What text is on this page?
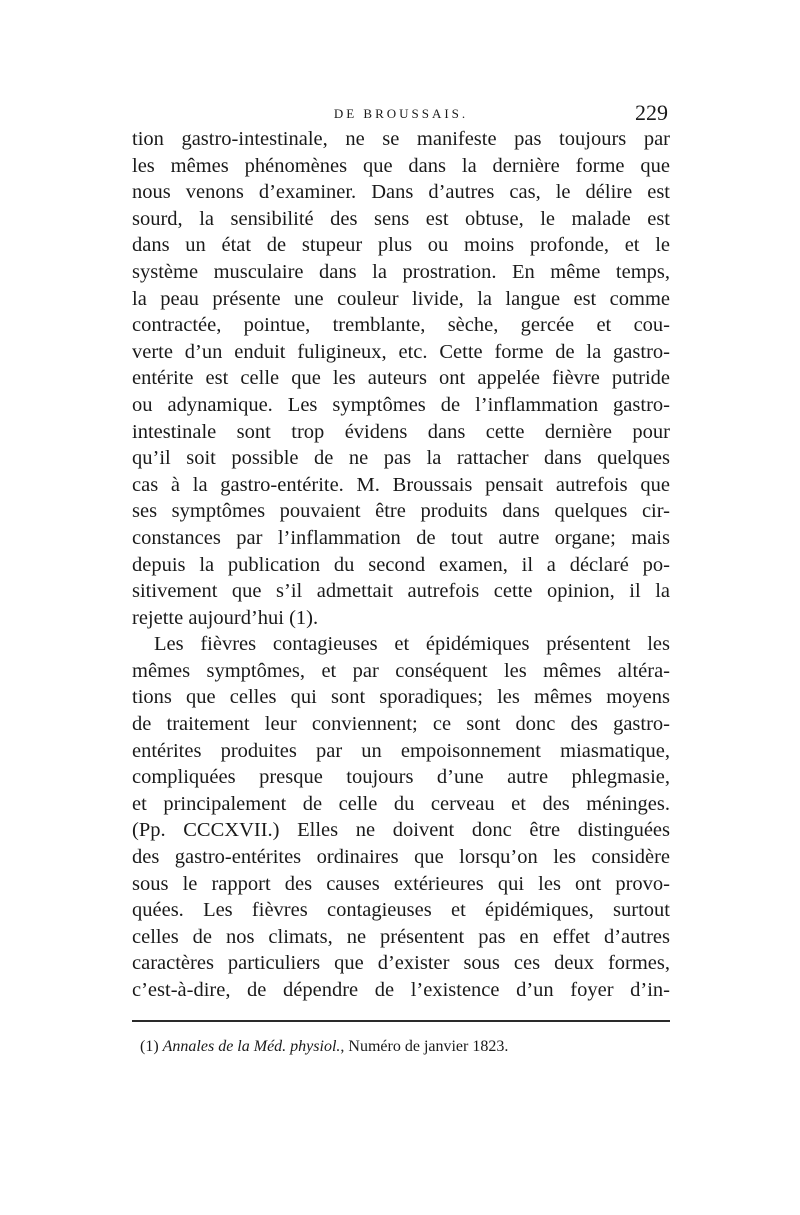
DE BROUSSAIS.	229
tion gastro-intestinale, ne se manifeste pas toujours par
les mêmes phénomènes que dans la dernière forme que
nous venons d’examiner. Dans d’autres cas, le délire est
sourd, la sensibilité des sens est obtuse, le malade est
dans un état de stupeur plus ou moins profonde, et le
système musculaire dans la prostration. En même temps,
la peau présente une couleur livide, la langue est comme
contractée, pointue, tremblante, sèche, gercée et cou-
verte d’un enduit fuligineux, etc. Cette forme de la gastro-
entérite est celle que les auteurs ont appelée fièvre putride
ou adynamique. Les symptômes de l’inflammation gastro-
intestinale sont trop évidens dans cette dernière pour
qu’il soit possible de ne pas la rattacher dans quelques
cas à la gastro-entérite. M. Broussais pensait autrefois que
ses symptômes pouvaient être produits dans quelques cir-
constances par l’inflammation de tout autre organe; mais
depuis la publication du second examen, il a déclaré po-
sitivement que s’il admettait autrefois cette opinion, il la
rejette aujourd’hui (1).
Les fièvres contagieuses et épidémiques présentent les
mêmes symptômes, et par conséquent les mêmes altéra-
tions que celles qui sont sporadiques; les mêmes moyens
de traitement leur conviennent; ce sont donc des gastro-
entérites produites par un empoisonnement miasmatique,
compliquées presque toujours d’une autre phlegmasie,
et principalement de celle du cerveau et des méninges.
(Pp. CCCXVII.) Elles ne doivent donc être distinguées
des gastro-entérites ordinaires que lorsqu’on les considère
sous le rapport des causes extérieures qui les ont provo-
quées. Les fièvres contagieuses et épidémiques, surtout
celles de nos climats, ne présentent pas en effet d’autres
caractères particuliers que d’exister sous ces deux formes,
c’est-à-dire, de dépendre de l’existence d’un foyer d’in-
(1) Annales de la Méd. physiol., Numéro de janvier 1823.
